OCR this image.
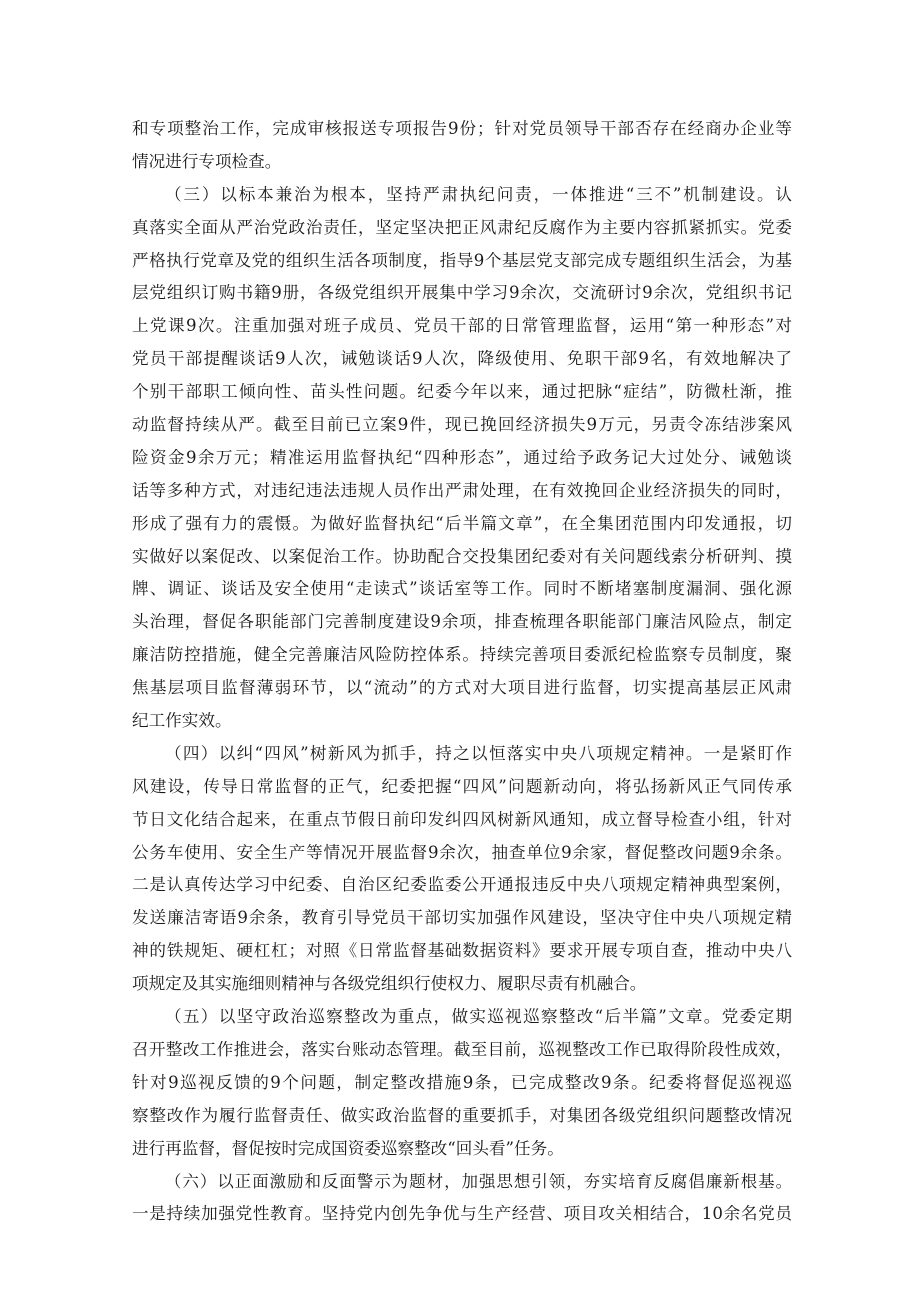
和专项整治工作，完成审核报送专项报告9份；针对党员领导干部否存在经商办企业等
情况进行专项检查。
（三）以标本兼治为根本，坚持严肃执纪问责，一体推进“三不”机制建设。认
真落实全面从严治党政治责任，坚定坚决把正风肃纪反腐作为主要内容抓紧抓实。党委
严格执行党章及党的组织生活各项制度，指导9个基层党支部完成专题组织生活会，为基
层党组织订购书籍9册，各级党组织开展集中学习9余次，交流研讨9余次，党组织书记
上党课9次。注重加强对班子成员、党员干部的日常管理监督，运用“第一种形态”对
党员干部提醒谈话9人次，诫勉谈话9人次，降级使用、免职干部9名，有效地解决了
个别干部职工倾向性、苗头性问题。纪委今年以来，通过把脉“症结”，防微杜渐，推
动监督持续从严。截至目前已立案9件，现已挽回经济损失9万元，另责令冻结涉案风
险资金9余万元；精准运用监督执纪“四种形态”，通过给予政务记大过处分、诫勉谈
话等多种方式，对违纪违法违规人员作出严肃处理，在有效挽回企业经济损失的同时，
形成了强有力的震慑。为做好监督执纪“后半篇文章”，在全集团范围内印发通报，切
实做好以案促改、以案促治工作。协助配合交投集团纪委对有关问题线索分析研判、摸
牌、调证、谈话及安全使用“走读式”谈话室等工作。同时不断堵塞制度漏洞、强化源
头治理，督促各职能部门完善制度建设9余项，排查梳理各职能部门廉洁风险点，制定
廉洁防控措施，健全完善廉洁风险防控体系。持续完善项目委派纪检监察专员制度，聚
焦基层项目监督薄弱环节，以“流动”的方式对大项目进行监督，切实提高基层正风肃
纪工作实效。
（四）以纠“四风”树新风为抓手，持之以恒落实中央八项规定精神。一是紧盯作
风建设，传导日常监督的正气，纪委把握“四风”问题新动向，将弘扬新风正气同传承
节日文化结合起来，在重点节假日前印发纠四风树新风通知，成立督导检查小组，针对
公务车使用、安全生产等情况开展监督9余次，抽查单位9余家，督促整改问题9余条。
二是认真传达学习中纪委、自治区纪委监委公开通报违反中央八项规定精神典型案例，
发送廉洁寄语9余条，教育引导党员干部切实加强作风建设，坚决守住中央八项规定精
神的铁规矩、硬杠杠；对照《日常监督基础数据资料》要求开展专项自查，推动中央八
项规定及其实施细则精神与各级党组织行使权力、履职尽责有机融合。
（五）以坚守政治巡察整改为重点，做实巡视巡察整改“后半篇”文章。党委定期
召开整改工作推进会，落实台账动态管理。截至目前，巡视整改工作已取得阶段性成效，
针对9巡视反馈的9个问题，制定整改措施9条，已完成整改9条。纪委将督促巡视巡
察整改作为履行监督责任、做实政治监督的重要抓手，对集团各级党组织问题整改情况
进行再监督，督促按时完成国资委巡察整改“回头看”任务。
（六）以正面激励和反面警示为题材，加强思想引领，夯实培育反腐倡廉新根基。
一是持续加强党性教育。坚持党内创先争优与生产经营、项目攻关相结合，10余名党员
